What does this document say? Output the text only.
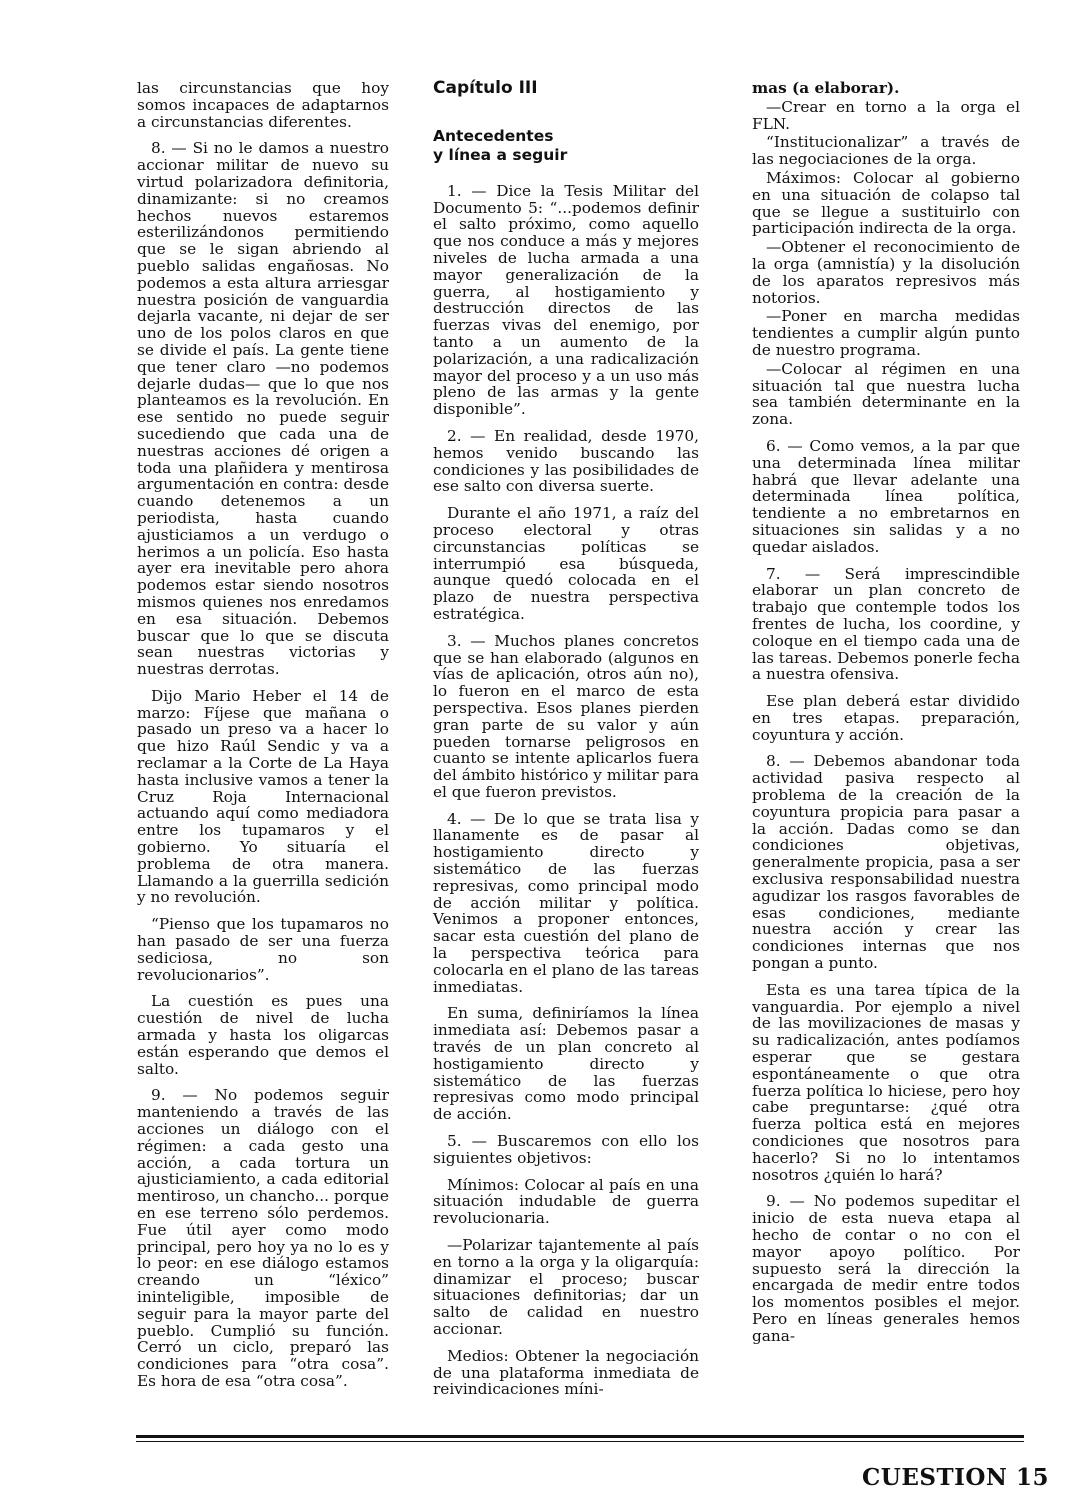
las circunstancias que hoy somos incapaces de adaptarnos a circunstancias diferentes.

8. — Si no le damos a nuestro accionar militar de nuevo su virtud polarizadora definitoria, dinamizante: si no creamos hechos nuevos estaremos esterilizándonos permitiendo que se le sigan abriendo al pueblo salidas engañosas. No podemos a esta altura arriesgar nuestra posición de vanguardia dejarla vacante, ni dejar de ser uno de los polos claros en que se divide el país. La gente tiene que tener claro —no podemos dejarle dudas— que lo que nos planteamos es la revolución. En ese sentido no puede seguir sucediendo que cada una de nuestras acciones dé origen a toda una plañidera y mentirosa argumentación en contra: desde cuando detenemos a un periodista, hasta cuando ajusticiamos a un verdugo o herimos a un policía. Eso hasta ayer era inevitable pero ahora podemos estar siendo nosotros mismos quienes nos enredamos en esa situación. Debemos buscar que lo que se discuta sean nuestras victorias y nuestras derrotas.

Dijo Mario Heber el 14 de marzo: Fíjese que mañana o pasado un preso va a hacer lo que hizo Raúl Sendic y va a reclamar a la Corte de La Haya hasta inclusive vamos a tener la Cruz Roja Internacional actuando aquí como mediadora entre los tupamaros y el gobierno. Yo situaría el problema de otra manera. Llamando a la guerrilla sedición y no revolución.

“Pienso que los tupamaros no han pasado de ser una fuerza sediciosa, no son revolucionarios”.

La cuestión es pues una cuestión de nivel de lucha armada y hasta los oligarcas están esperando que demos el salto.

9. — No podemos seguir manteniendo a través de las acciones un diálogo con el régimen: a cada gesto una acción, a cada tortura un ajusticiamiento, a cada editorial mentiroso, un chancho... porque en ese terreno sólo perdemos. Fue útil ayer como modo principal, pero hoy ya no lo es y lo peor: en ese diálogo estamos creando un “léxico” ininteligible, imposible de seguir para la mayor parte del pueblo. Cumplió su función. Cerró un ciclo, preparó las condiciones para “otra cosa”. Es hora de esa “otra cosa”.

Capítulo III
Antecedentes
y línea a seguir

1. — Dice la Tesis Militar del Documento 5: “...podemos definir el salto próximo, como aquello que nos conduce a más y mejores niveles de lucha armada a una mayor generalización de la guerra, al hostigamiento y destrucción directos de las fuerzas vivas del enemigo, por tanto a un aumento de la polarización, a una radicalización mayor del proceso y a un uso más pleno de las armas y la gente disponible”.

2. — En realidad, desde 1970, hemos venido buscando las condiciones y las posibilidades de ese salto con diversa suerte.

Durante el año 1971, a raíz del proceso electoral y otras circunstancias políticas se interrumpió esa búsqueda, aunque quedó colocada en el plazo de nuestra perspectiva estratégica.

3. — Muchos planes concretos que se han elaborado (algunos en vías de aplicación, otros aún no), lo fueron en el marco de esta perspectiva. Esos planes pierden gran parte de su valor y aún pueden tornarse peligrosos en cuanto se intente aplicarlos fuera del ámbito histórico y militar para el que fueron previstos.

4. — De lo que se trata lisa y llanamente es de pasar al hostigamiento directo y sistemático de las fuerzas represivas, como principal modo de acción militar y política. Venimos a proponer entonces, sacar esta cuestión del plano de la perspectiva teórica para colocarla en el plano de las tareas inmediatas.

En suma, definiríamos la línea inmediata así: Debemos pasar a través de un plan concreto al hostigamiento directo y sistemático de las fuerzas represivas como modo principal de acción.

5. — Buscaremos con ello los siguientes objetivos:

Mínimos: Colocar al país en una situación indudable de guerra revolucionaria.

—Polarizar tajantemente al país en torno a la orga y la oligarquía: dinamizar el proceso; buscar situaciones definitorias; dar un salto de calidad en nuestro accionar.

Medios: Obtener la negociación de una plataforma inmediata de reivindicaciones míni-

mas (a elaborar).

—Crear en torno a la orga el FLN.

“Institucionalizar” a través de las negociaciones de la orga.

Máximos: Colocar al gobierno en una situación de colapso tal que se llegue a sustituirlo con participación indirecta de la orga.

—Obtener el reconocimiento de la orga (amnistía) y la disolución de los aparatos represivos más notorios.

—Poner en marcha medidas tendientes a cumplir algún punto de nuestro programa.

—Colocar al régimen en una situación tal que nuestra lucha sea también determinante en la zona.

6. — Como vemos, a la par que una determinada línea militar habrá que llevar adelante una determinada línea política, tendiente a no embretarnos en situaciones sin salidas y a no quedar aislados.

7. — Será imprescindible elaborar un plan concreto de trabajo que contemple todos los frentes de lucha, los coordine, y coloque en el tiempo cada una de las tareas. Debemos ponerle fecha a nuestra ofensiva.

Ese plan deberá estar dividido en tres etapas. preparación, coyuntura y acción.

8. — Debemos abandonar toda actividad pasiva respecto al problema de la creación de la coyuntura propicia para pasar a la acción. Dadas como se dan condiciones objetivas, generalmente propicia, pasa a ser exclusiva responsabilidad nuestra agudizar los rasgos favorables de esas condiciones, mediante nuestra acción y crear las condiciones internas que nos pongan a punto.

Esta es una tarea típica de la vanguardia. Por ejemplo a nivel de las movilizaciones de masas y su radicalización, antes podíamos esperar que se gestara espontáneamente o que otra fuerza política lo hiciese, pero hoy cabe preguntarse: ¿qué otra fuerza poltica está en mejores condiciones que nosotros para hacerlo? Si no lo intentamos nosotros ¿quién lo hará?

9. — No podemos supeditar el inicio de esta nueva etapa al hecho de contar o no con el mayor apoyo político. Por supuesto será la dirección la encargada de medir entre todos los momentos posibles el mejor. Pero en líneas generales hemos gana-

CUESTION 15
